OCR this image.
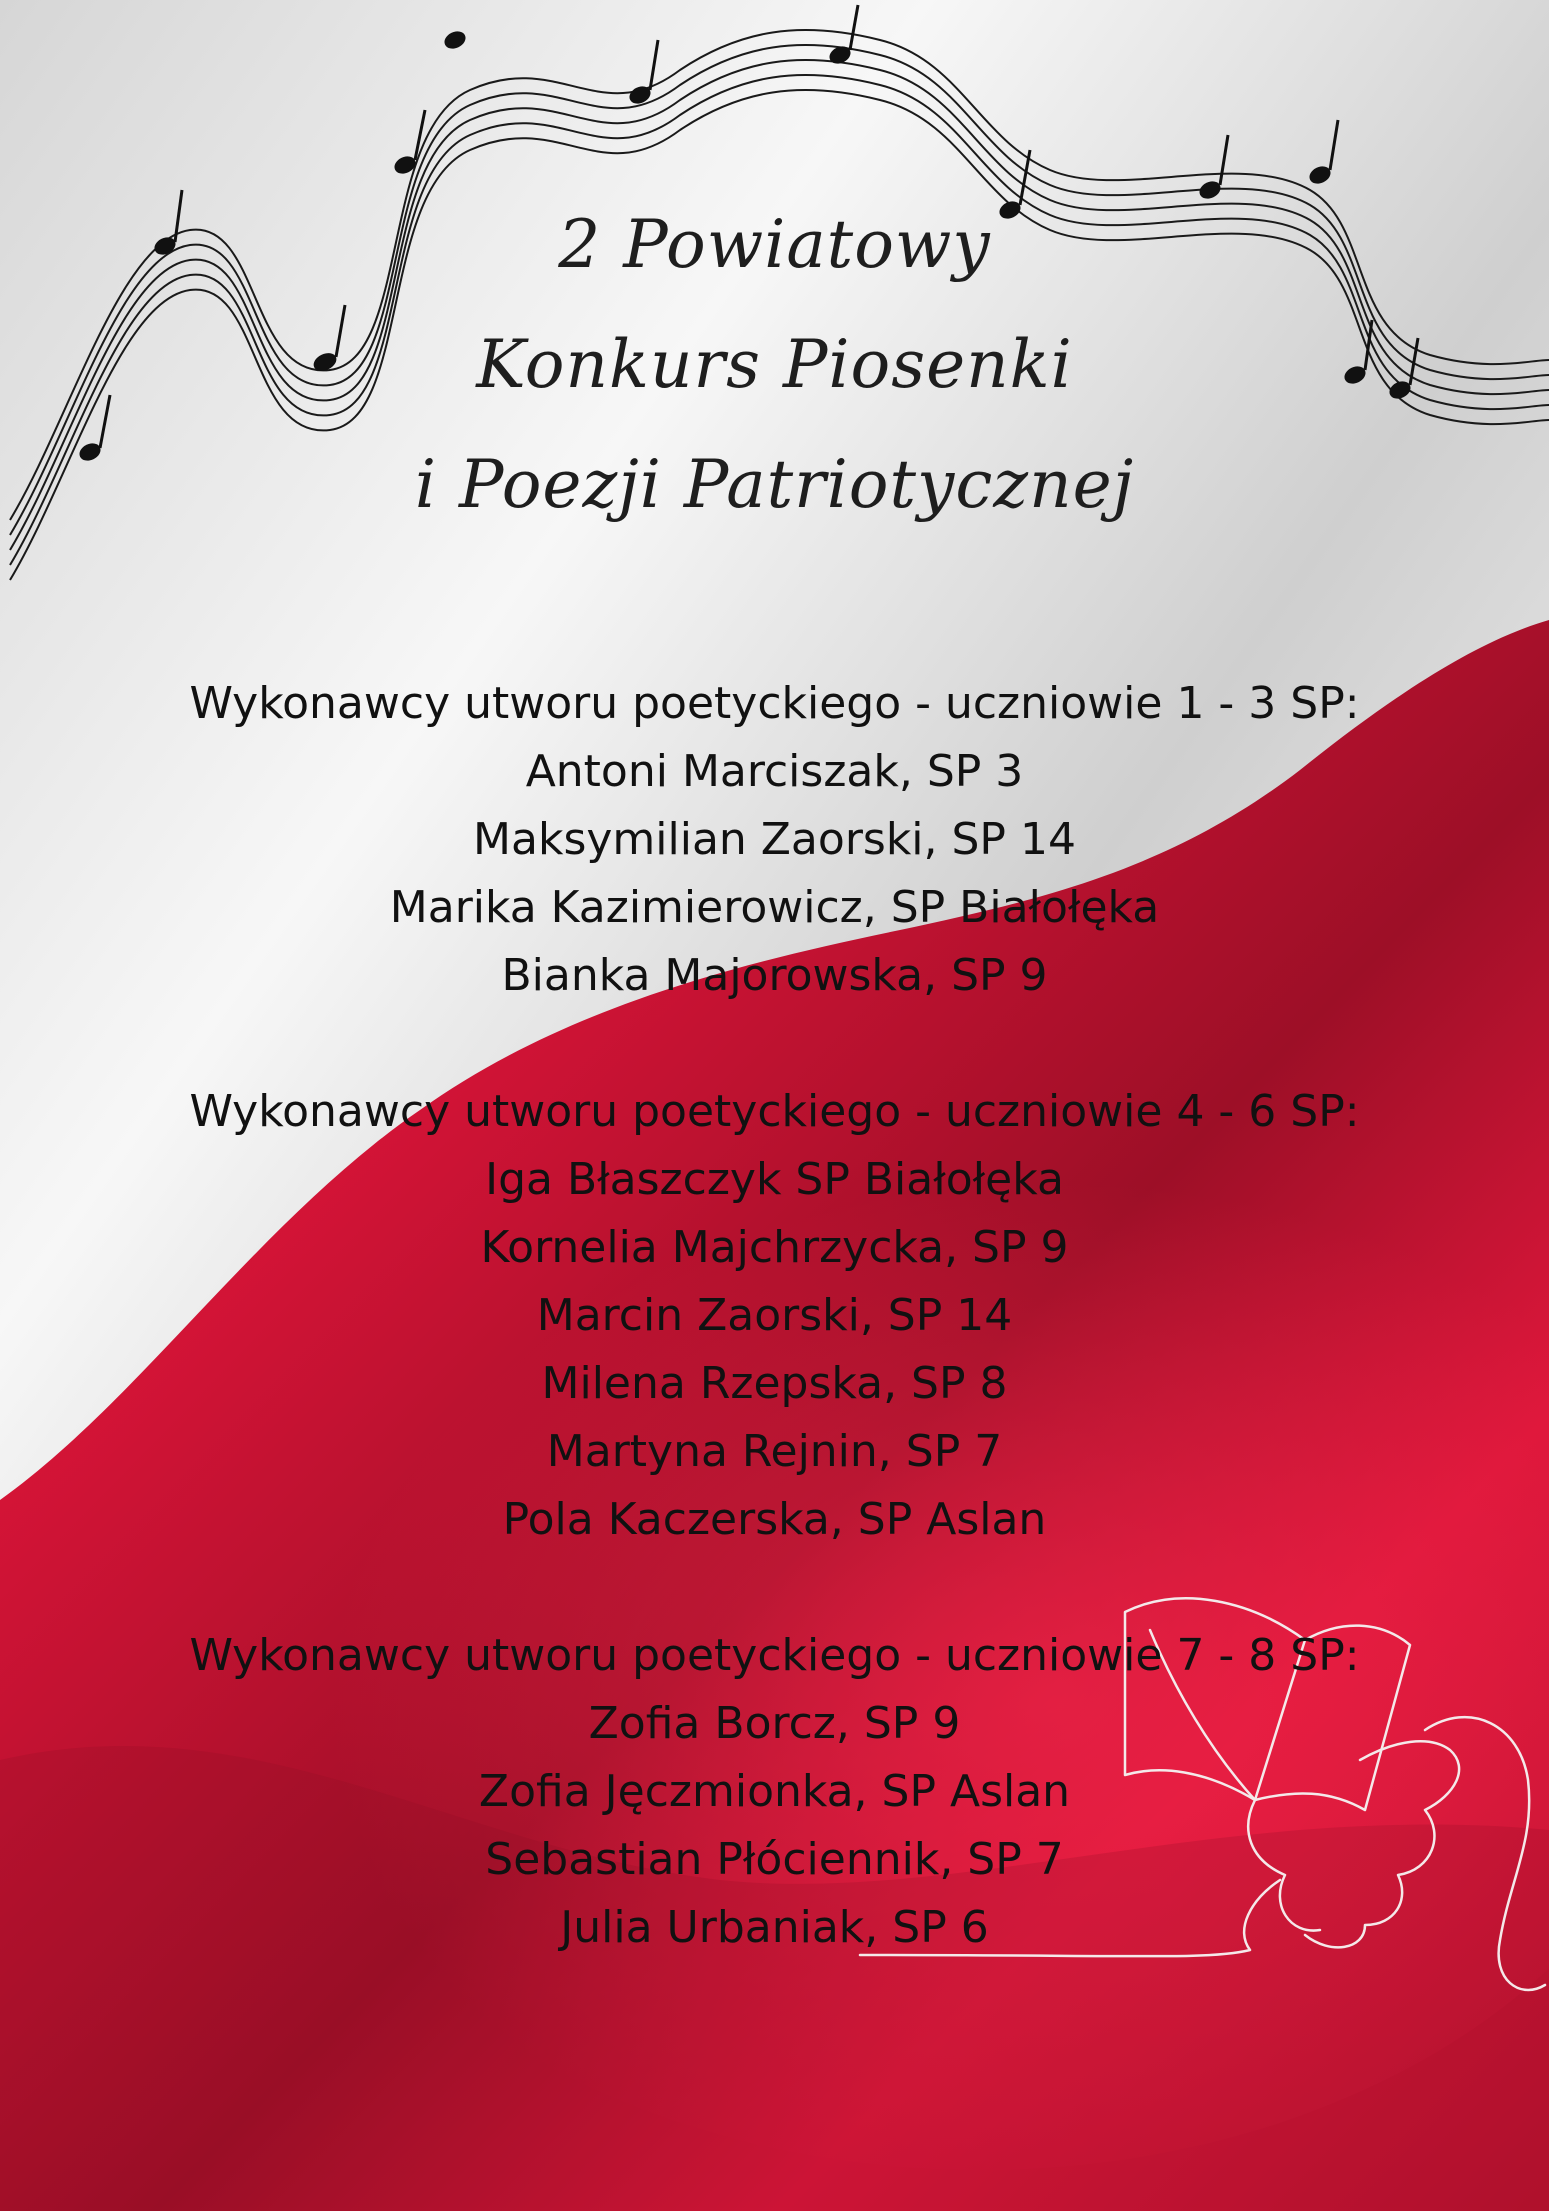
2 Powiatowy
Konkurs Piosenki
i Poezji Patriotycznej
Wykonawcy utworu poetyckiego - uczniowie 1 - 3 SP:
Antoni Marciszak, SP 3
Maksymilian Zaorski, SP 14
Marika Kazimierowicz, SP Białołęka
Bianka Majorowska, SP 9
Wykonawcy utworu poetyckiego - uczniowie 4 - 6 SP:
Iga Błaszczyk SP Białołęka
Kornelia Majchrzycka, SP 9
Marcin Zaorski, SP 14
Milena Rzepska, SP 8
Martyna Rejnin, SP 7
Pola Kaczerska, SP Aslan
Wykonawcy utworu poetyckiego - uczniowie 7 - 8 SP:
Zofia Borcz, SP 9
Zofia Jęczmionka, SP Aslan
Sebastian Płóciennik, SP 7
Julia Urbaniak, SP 6
